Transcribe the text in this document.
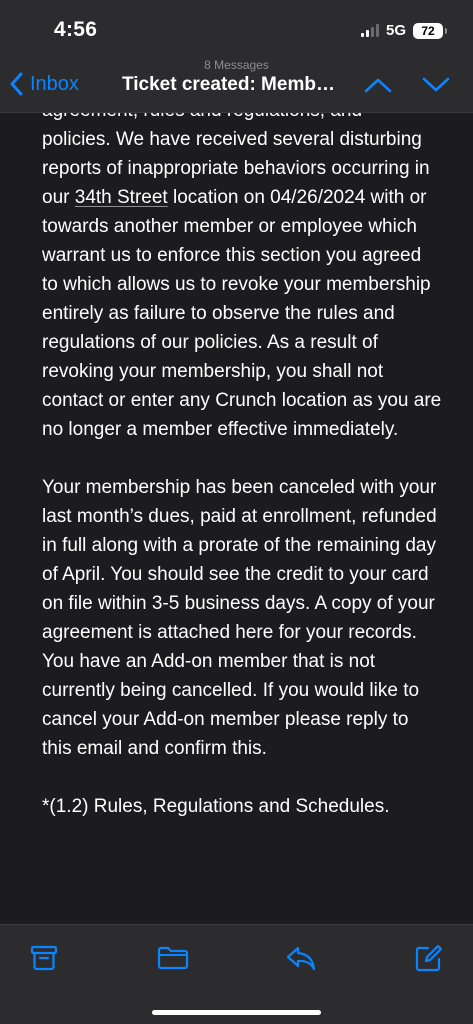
4:56	5G 72
8 Messages
Inbox Ticket created: Memb…

policies. We have received several disturbing reports of inappropriate behaviors occurring in our 34th Street location on 04/26/2024 with or towards another member or employee which warrant us to enforce this section you agreed to which allows us to revoke your membership entirely as failure to observe the rules and regulations of our policies. As a result of revoking your membership, you shall not contact or enter any Crunch location as you are no longer a member effective immediately.

Your membership has been canceled with your last month’s dues, paid at enrollment, refunded in full along with a prorate of the remaining day of April. You should see the credit to your card on file within 3-5 business days. A copy of your agreement is attached here for your records. You have an Add-on member that is not currently being cancelled. If you would like to cancel your Add-on member please reply to this email and confirm this.

*(1.2) Rules, Regulations and Schedules.
